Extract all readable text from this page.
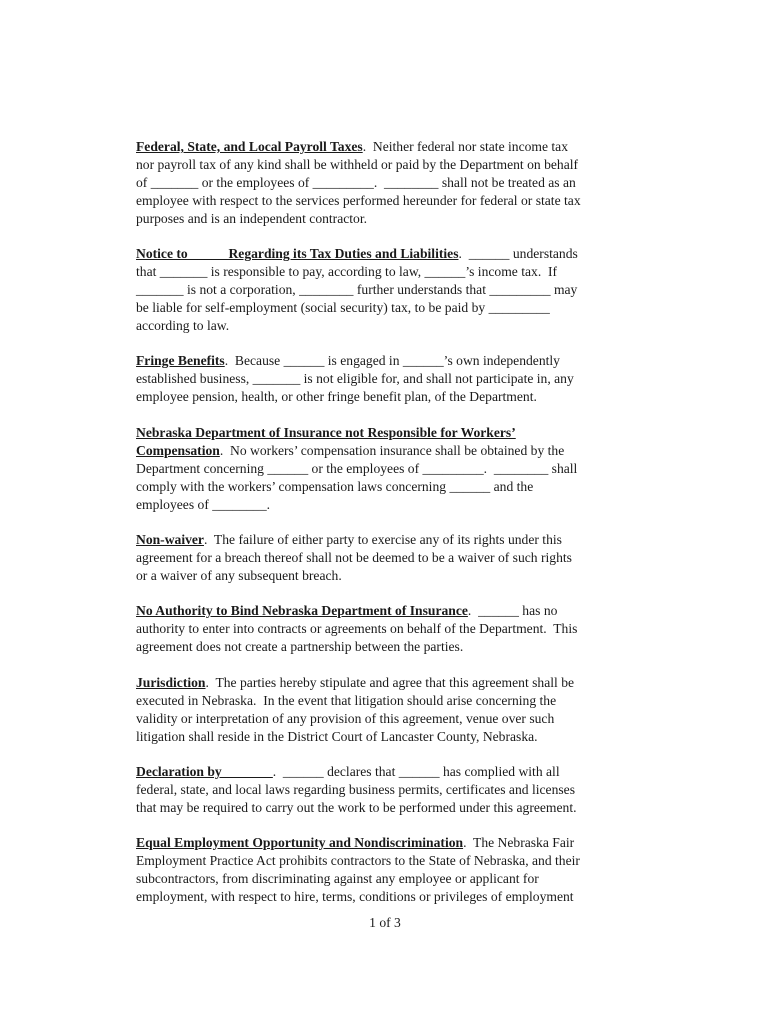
Federal, State, and Local Payroll Taxes.  Neither federal nor state income tax
nor payroll tax of any kind shall be withheld or paid by the Department on behalf
of _______ or the employees of _________.  ________ shall not be treated as an
employee with respect to the services performed hereunder for federal or state tax
purposes and is an independent contractor.
Notice to _____ Regarding its Tax Duties and Liabilities.  ______ understands
that _______ is responsible to pay, according to law, ______’s income tax.  If
_______ is not a corporation, ________ further understands that _________ may
be liable for self-employment (social security) tax, to be paid by _________
according to law.
Fringe Benefits.  Because ______ is engaged in ______’s own independently
established business, _______ is not eligible for, and shall not participate in, any
employee pension, health, or other fringe benefit plan, of the Department.
Nebraska Department of Insurance not Responsible for Workers’
Compensation.  No workers’ compensation insurance shall be obtained by the
Department concerning ______ or the employees of _________.  ________ shall
comply with the workers’ compensation laws concerning ______ and the
employees of ________.
Non-waiver.  The failure of either party to exercise any of its rights under this
agreement for a breach thereof shall not be deemed to be a waiver of such rights
or a waiver of any subsequent breach.
No Authority to Bind Nebraska Department of Insurance.  ______ has no
authority to enter into contracts or agreements on behalf of the Department.  This
agreement does not create a partnership between the parties.
Jurisdiction.  The parties hereby stipulate and agree that this agreement shall be
executed in Nebraska.  In the event that litigation should arise concerning the
validity or interpretation of any provision of this agreement, venue over such
litigation shall reside in the District Court of Lancaster County, Nebraska.
Declaration by _______.  ______ declares that ______ has complied with all
federal, state, and local laws regarding business permits, certificates and licenses
that may be required to carry out the work to be performed under this agreement.
Equal Employment Opportunity and Nondiscrimination.  The Nebraska Fair
Employment Practice Act prohibits contractors to the State of Nebraska, and their
subcontractors, from discriminating against any employee or applicant for
employment, with respect to hire, terms, conditions or privileges of employment
1 of 3
